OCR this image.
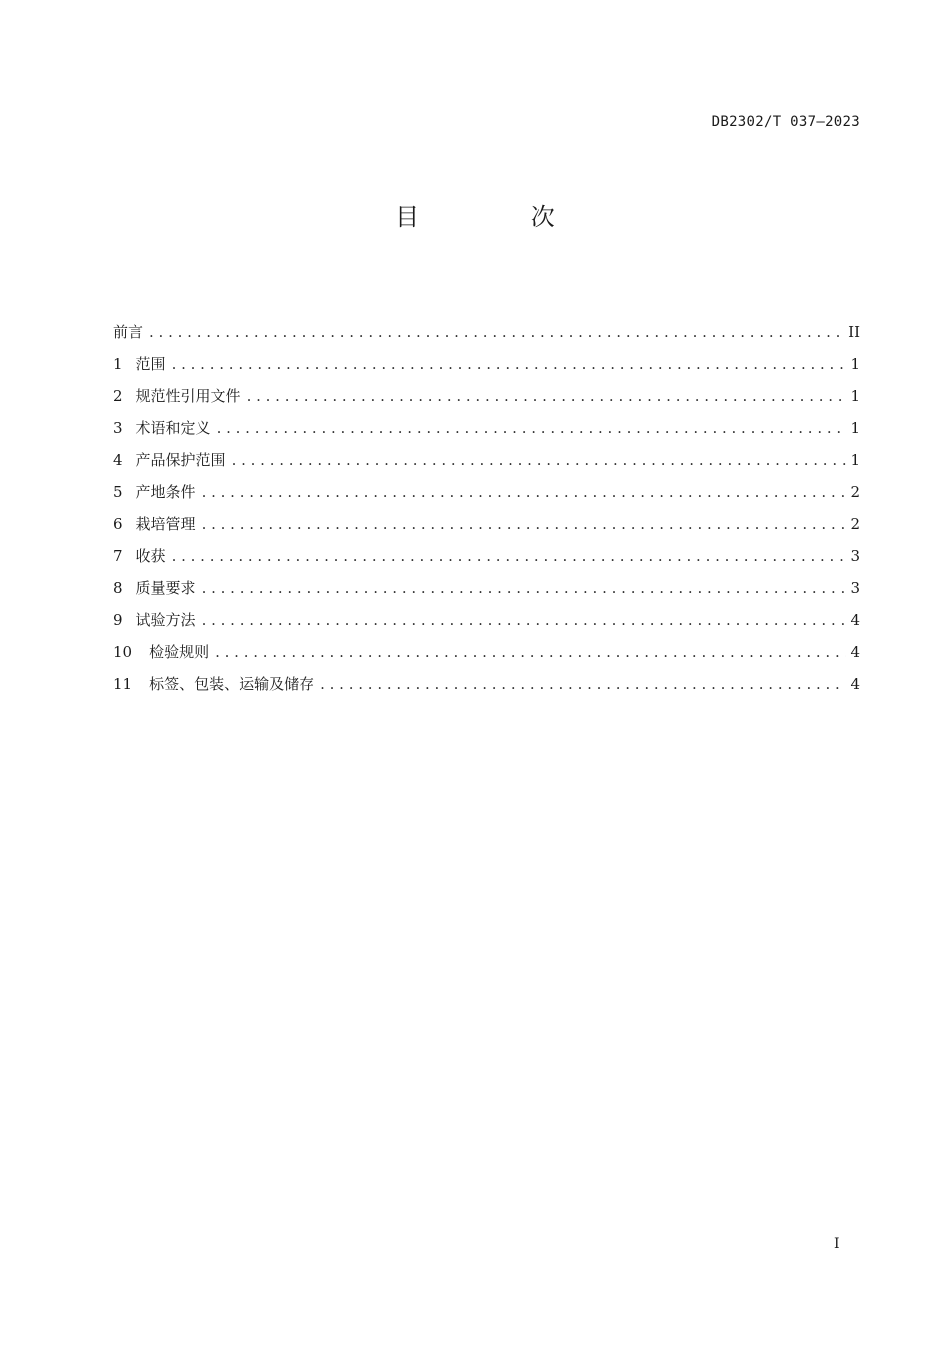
DB2302/T 037—2023
目 次
前言 . . .	II
1 范围 . . .	1
2 规范性引用文件 . . .	1
3 术语和定义 . . .	1
4 产品保护范围 . . .	1
5 产地条件 . . .	2
6 栽培管理 . . .	2
7 收获 . . .	3
8 质量要求 . . .	3
9 试验方法 . . .	4
10 检验规则 . . .	4
11 标签、包装、运输及储存 . . .	4
I
